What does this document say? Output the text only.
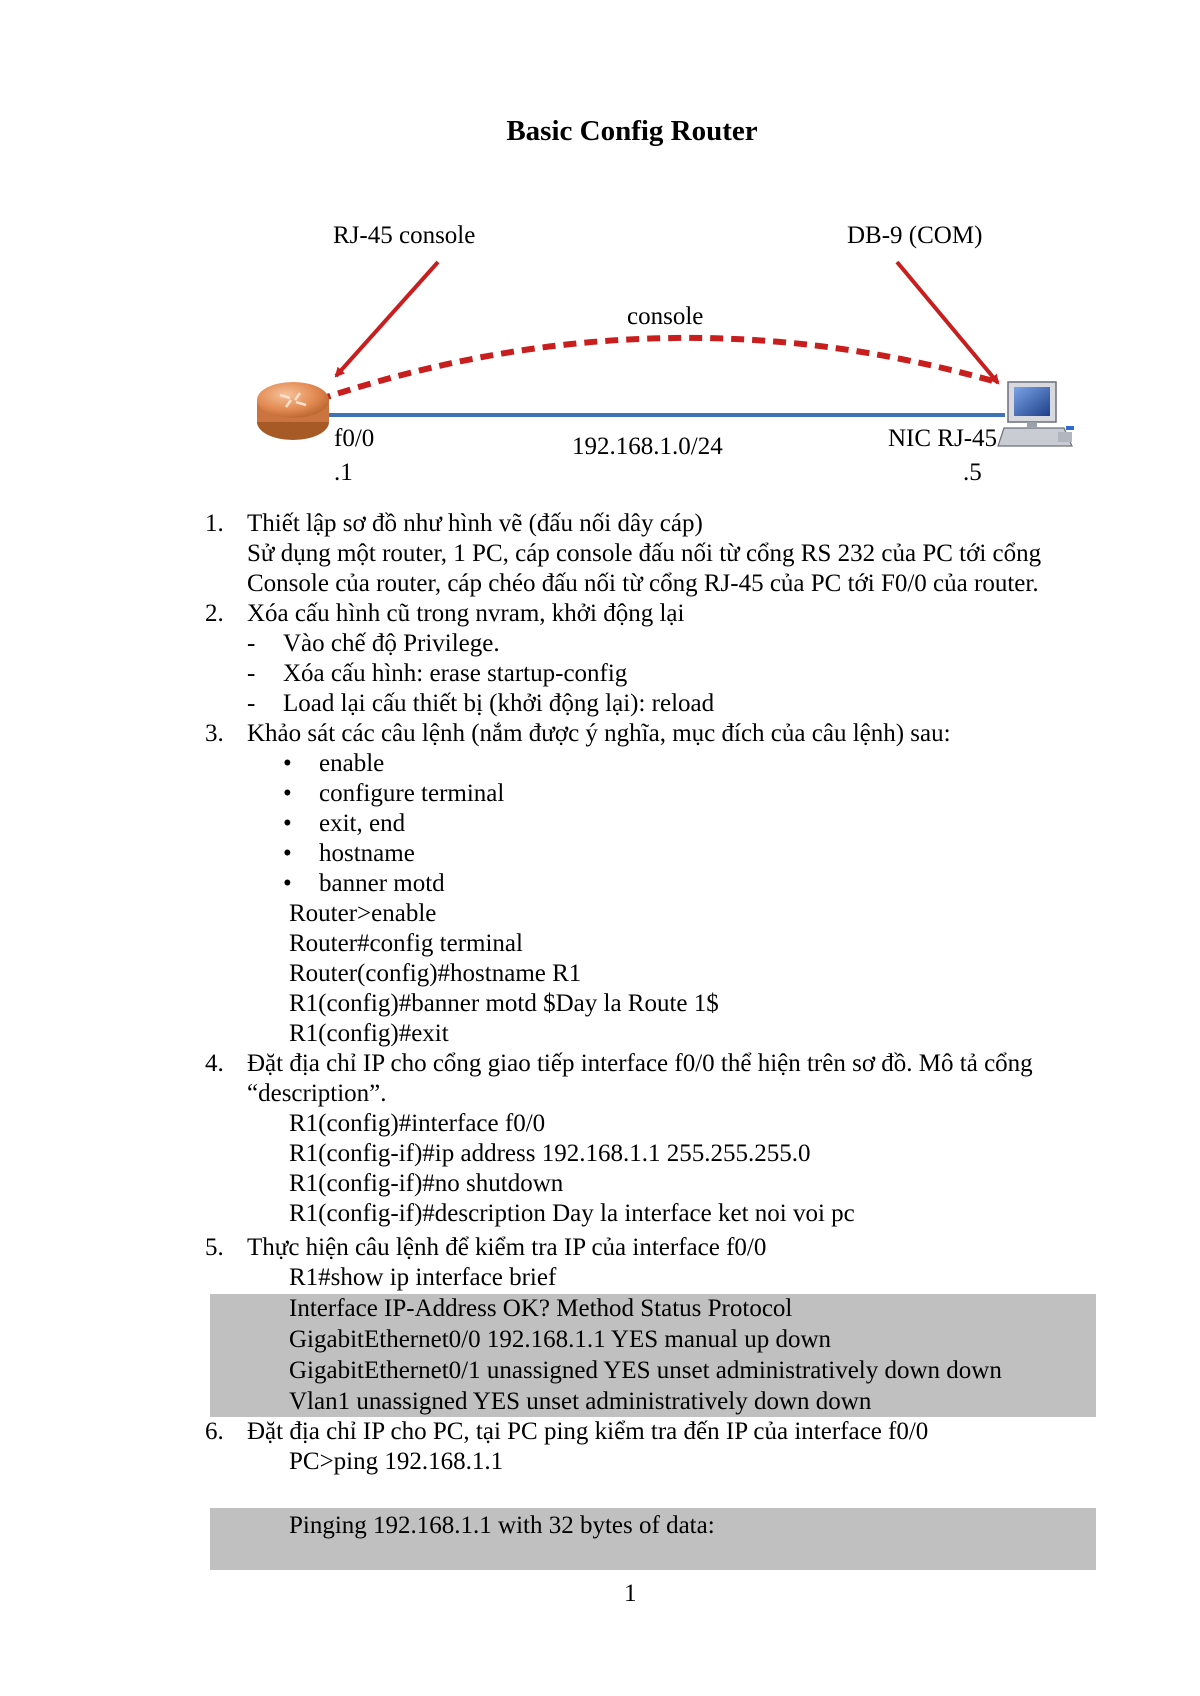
Basic Config Router
RJ-45 console	DB-9 (COM)
console
f0/0
.1
192.168.1.0/24	NIC RJ-45
.5
1. Thiết lập sơ đồ như hình vẽ (đấu nối dây cáp)
Sử dụng một router, 1 PC, cáp console đấu nối từ cổng RS 232 của PC tới cổng
Console của router, cáp chéo đấu nối từ cổng RJ-45 của PC tới F0/0 của router.
2. Xóa cấu hình cũ trong nvram, khởi động lại
- Vào chế độ Privilege.
- Xóa cấu hình: erase startup-config
- Load lại cấu thiết bị (khởi động lại): reload
3. Khảo sát các câu lệnh (nắm được ý nghĩa, mục đích của câu lệnh) sau:
• enable
• configure terminal
• exit, end
• hostname
• banner motd
Router>enable
Router#config terminal
Router(config)#hostname R1
R1(config)#banner motd $Day la Route 1$
R1(config)#exit
4. Đặt địa chỉ IP cho cổng giao tiếp interface f0/0 thể hiện trên sơ đồ. Mô tả cổng
“description”.
R1(config)#interface f0/0
R1(config-if)#ip address 192.168.1.1 255.255.255.0
R1(config-if)#no shutdown
R1(config-if)#description Day la interface ket noi voi pc
5. Thực hiện câu lệnh để kiểm tra IP của interface f0/0
R1#show ip interface brief
Interface IP-Address OK? Method Status Protocol
GigabitEthernet0/0 192.168.1.1 YES manual up down
GigabitEthernet0/1 unassigned YES unset administratively down down
Vlan1 unassigned YES unset administratively down down
6. Đặt địa chỉ IP cho PC, tại PC ping kiểm tra đến IP của interface f0/0
PC>ping 192.168.1.1
Pinging 192.168.1.1 with 32 bytes of data:
1
